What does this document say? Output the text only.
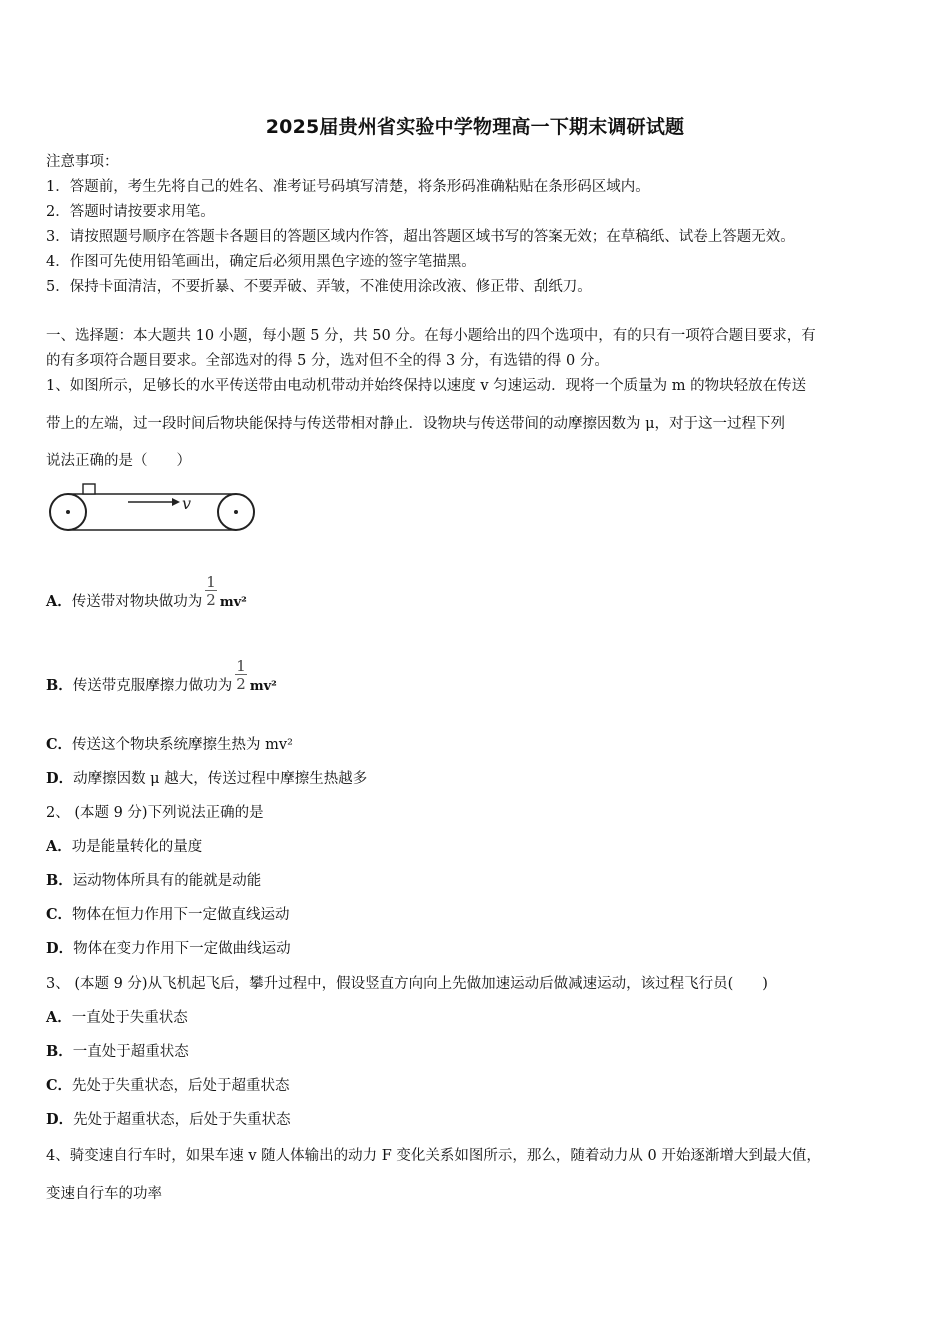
2025届贵州省实验中学物理高一下期末调研试题
注意事项：
1．答题前，考生先将自己的姓名、准考证号码填写清楚，将条形码准确粘贴在条形码区域内。
2．答题时请按要求用笔。
3．请按照题号顺序在答题卡各题目的答题区域内作答，超出答题区域书写的答案无效；在草稿纸、试卷上答题无效。
4．作图可先使用铅笔画出，确定后必须用黑色字迹的签字笔描黑。
5．保持卡面清洁，不要折暴、不要弄破、弄皱，不准使用涂改液、修正带、刮纸刀。
一、选择题：本大题共 10 小题，每小题 5 分，共 50 分。在每小题给出的四个选项中，有的只有一项符合题目要求，有
的有多项符合题目要求。全部选对的得 5 分，选对但不全的得 3 分，有选错的得 0 分。
1、如图所示，足够长的水平传送带由电动机带动并始终保持以速度 v 匀速运动．现将一个质量为 m 的物块轻放在传送
带上的左端，过一段时间后物块能保持与传送带相对静止．设物块与传送带间的动摩擦因数为 μ，对于这一过程下列
说法正确的是（　　）
v
A．传送带对物块做功为 $\frac{1}{2} mv^2$
B．传送带克服摩擦力做功为 $\frac{1}{2} mv^2$
C．传送这个物块系统摩擦生热为 mv²
D．动摩擦因数 μ 越大，传送过程中摩擦生热越多
2、 (本题 9 分)下列说法正确的是
A．功是能量转化的量度
B．运动物体所具有的能就是动能
C．物体在恒力作用下一定做直线运动
D．物体在变力作用下一定做曲线运动
3、 (本题 9 分)从飞机起飞后，攀升过程中，假设竖直方向向上先做加速运动后做减速运动，该过程飞行员(　　)
A．一直处于失重状态
B．一直处于超重状态
C．先处于失重状态，后处于超重状态
D．先处于超重状态，后处于失重状态
4、骑变速自行车时，如果车速 v 随人体输出的动力 F 变化关系如图所示，那么，随着动力从 0 开始逐渐增大到最大值，
变速自行车的功率
